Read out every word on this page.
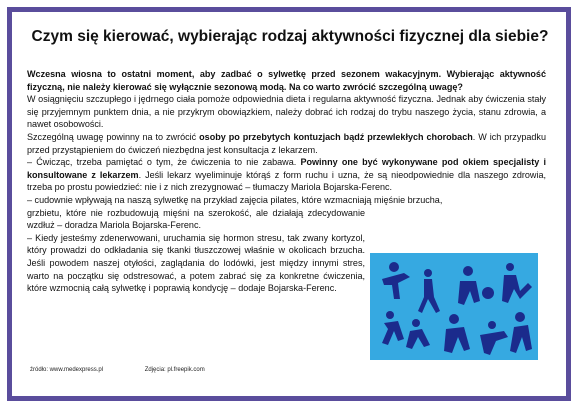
Czym się kierować, wybierając rodzaj aktywności fizycznej dla siebie?

Wczesna wiosna to ostatni moment, aby zadbać o sylwetkę przed sezonem wakacyjnym. Wybierając aktywność fizyczną, nie należy kierować się wyłącznie sezonową modą. Na co warto zwrócić szczególną uwagę?

W osiągnięciu szczupłego i jędrnego ciała pomoże odpowiednia dieta i regularna aktywność fizyczna. Jednak aby ćwiczenia stały się przyjemnym punktem dnia, a nie przykrym obowiązkiem, należy dobrać ich rodzaj do trybu naszego życia, stanu zdrowia, a nawet osobowości.

Szczególną uwagę powinny na to zwrócić osoby po przebytych kontuzjach bądź przewlekłych chorobach. W ich przypadku przed przystąpieniem do ćwiczeń niezbędna jest konsultacja z lekarzem.

– Ćwicząc, trzeba pamiętać o tym, że ćwiczenia to nie zabawa. Powinny one być wykonywane pod okiem specjalisty i konsultowane z lekarzem. Jeśli lekarz wyeliminuje którąś z form ruchu i uzna, że są nieodpowiednie dla naszego zdrowia, trzeba po prostu powiedzieć: nie i z nich zrezygnować – tłumaczy Mariola Bojarska-Ferenc.

– cudownie wpływają na naszą sylwetkę na przykład zajęcia pilates, które wzmacniają mięśnie brzucha,

grzbietu, które nie rozbudowują mięśni na szerokość, ale działają zdecydowanie wzdłuż – doradza Mariola Bojarska-Ferenc.

– Kiedy jesteśmy zdenerwowani, uruchamia się hormon stresu, tak zwany kortyzol, który prowadzi do odkładania się tkanki tłuszczowej właśnie w okolicach brzucha. Jeśli powodem naszej otyłości, zaglądania do lodówki, jest między innymi stres, warto na początku się odstresować, a potem zabrać się za konkretne ćwiczenia, które wzmocnią całą sylwetkę i poprawią kondycję – dodaje Bojarska-Ferenc.

źródło: www.medexpress.pl	Zdjęcia: pl.freepik.com
